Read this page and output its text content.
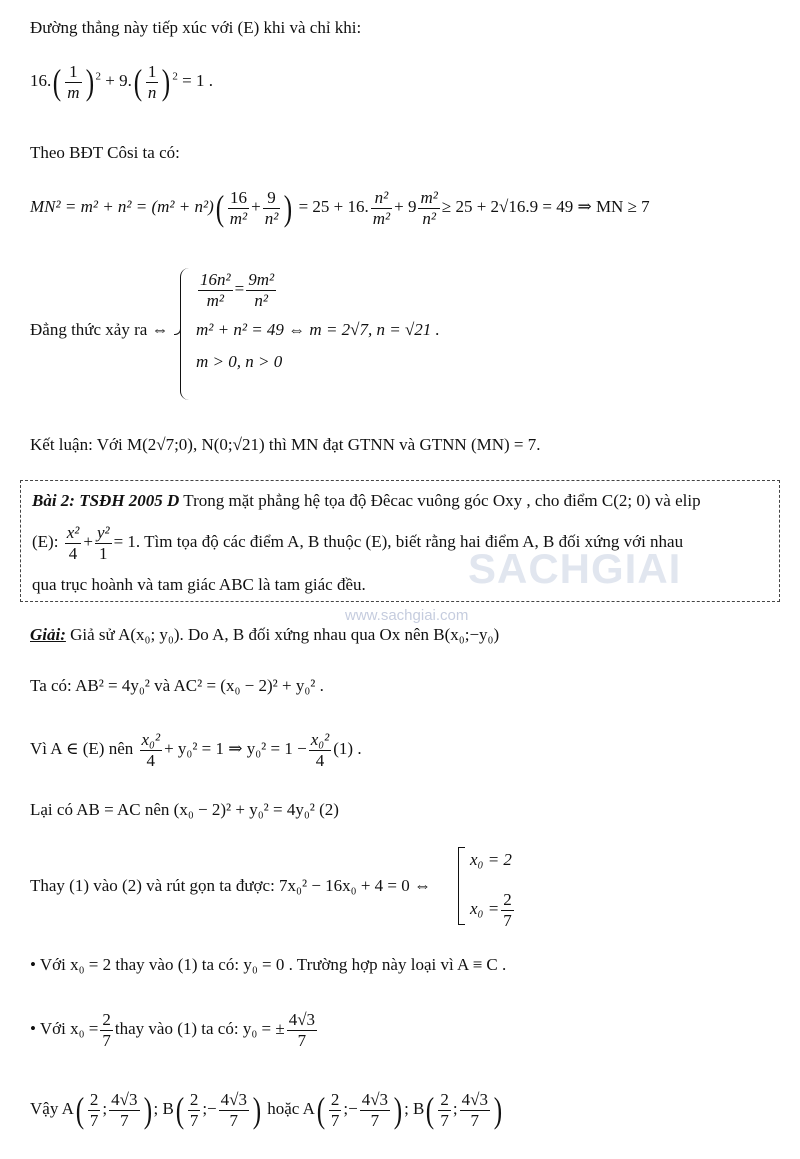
Đường thẳng này tiếp xúc với (E) khi và chỉ khi:
$16.( \frac{1}{m}$ ) $^2 + 9.( \frac{1}{n}$ ) $^2$ = 1 .
Theo BĐT Côsi ta có:
$MN^2 = m^2 + n^2 = (m^2 + n^2)( \frac{16}{\text{m²}} + \frac{9}{\text{n²}}$ ) = 25 + 16. $\frac{\text{n²}}{\text{m²}} + 9 \frac{\text{m²}}{\text{n²}} \ge 25 + 2√16.9 = 49$ ⇒ MN ≥ 7
Đẳng thức xảy ra ⇔
$\frac{\text{16n²}}{\text{m²}} = \frac{\text{9m²}}{\text{n²}}$
m² + n² = 49 ⇔ m = 2√7, n = √21 .
m > 0, n > 0
Kết luận: Với M(2√7;0), N(0;√21) thì MN đạt GTNN và GTNN (MN) = 7.
Bài 2: TSĐH 2005 D Trong mặt phẳng hệ tọa độ Đêcac vuông góc Oxy , cho điểm C(2; 0) và elip
(E): $\frac{\text{x²}}{4} + \frac{\text{y²}}{1} = 1$. Tìm tọa độ các điểm A, B thuộc (E), biết rằng hai điểm A, B đối xứng với nhau
qua trục hoành và tam giác ABC là tam giác đều. SACHGIAI
www.sachgiai.com
Giải: Giả sử A(x₀; y₀). Do A, B đối xứng nhau qua Ox nên B(x₀;−y₀)
Ta có: AB² = 4y₀² và AC² = (x₀ − 2)² + y₀² .
Vì A ∈ (E) nên $\frac{\text{x₀²}}{4} + y_0^2 = 1$ ⇒ $y_0^2 = 1 - \frac{\text{x₀²}}{4} (1)$ .
Lại có AB = AC nên (x₀ − 2)² + y₀² = 4y₀² (2)
Thay (1) vào (2) và rút gọn ta được: 7x₀² − 16x₀ + 4 = 0 ⇔
x₀ = 2
$x_0 = \frac{2}{7}$
• Với x₀ = 2 thay vào (1) ta có: y₀ = 0 . Trường hợp này loại vì A ≡ C .
• Với $x_0 = \frac{2}{7}$ thay vào (1) ta có: y₀ = ± $\frac{4√3}{7}$
Vậy $A( \frac{2}{7}$ ; $\frac{4√3}{7}$ ) ; $B( \frac{2}{7}$ ;− $\frac{4√3}{7}$ ) hoặc $A( \frac{2}{7}$ ;− $\frac{4√3}{7}$ ) ; $B( \frac{2}{7}$ ; $\frac{4√3}{7}$ )
